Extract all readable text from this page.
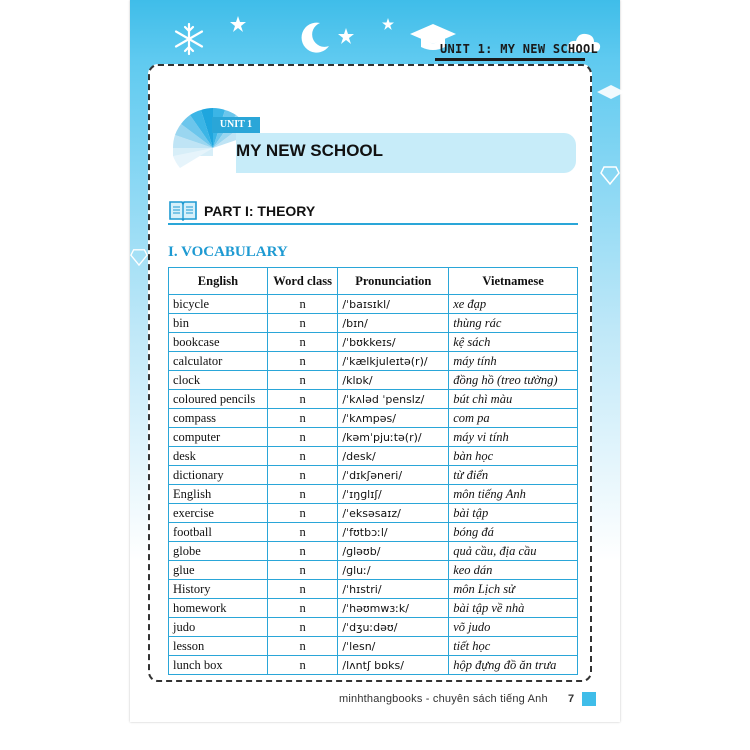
UNIT 1: MY NEW SCHOOL
UNIT 1
MY NEW SCHOOL
PART I: THEORY
I. VOCABULARY
English	Word class	Pronunciation	Vietnamese
bicycle	n	/ˈbaɪsɪkl/	xe đạp
bin	n	/bɪn/	thùng rác
bookcase	n	/ˈbʊkkeɪs/	kệ sách
calculator	n	/ˈkælkjuleɪtə(r)/	máy tính
clock	n	/klɒk/	đồng hồ (treo tường)
coloured pencils	n	/ˈkʌləd ˈpenslz/	bút chì màu
compass	n	/ˈkʌmpəs/	com pa
computer	n	/kəmˈpjuːtə(r)/	máy vi tính
desk	n	/desk/	bàn học
dictionary	n	/ˈdɪkʃəneri/	từ điển
English	n	/ˈɪŋɡlɪʃ/	môn tiếng Anh
exercise	n	/ˈeksəsaɪz/	bài tập
football	n	/ˈfʊtbɔːl/	bóng đá
globe	n	/ɡləʊb/	quả cầu, địa cầu
glue	n	/ɡluː/	keo dán
History	n	/ˈhɪstri/	môn Lịch sử
homework	n	/ˈhəʊmwɜːk/	bài tập về nhà
judo	n	/ˈdʒuːdəʊ/	võ judo
lesson	n	/ˈlesn/	tiết học
lunch box	n	/lʌntʃ bɒks/	hộp đựng đồ ăn trưa
minhthangbooks - chuyên sách tiếng Anh 7
